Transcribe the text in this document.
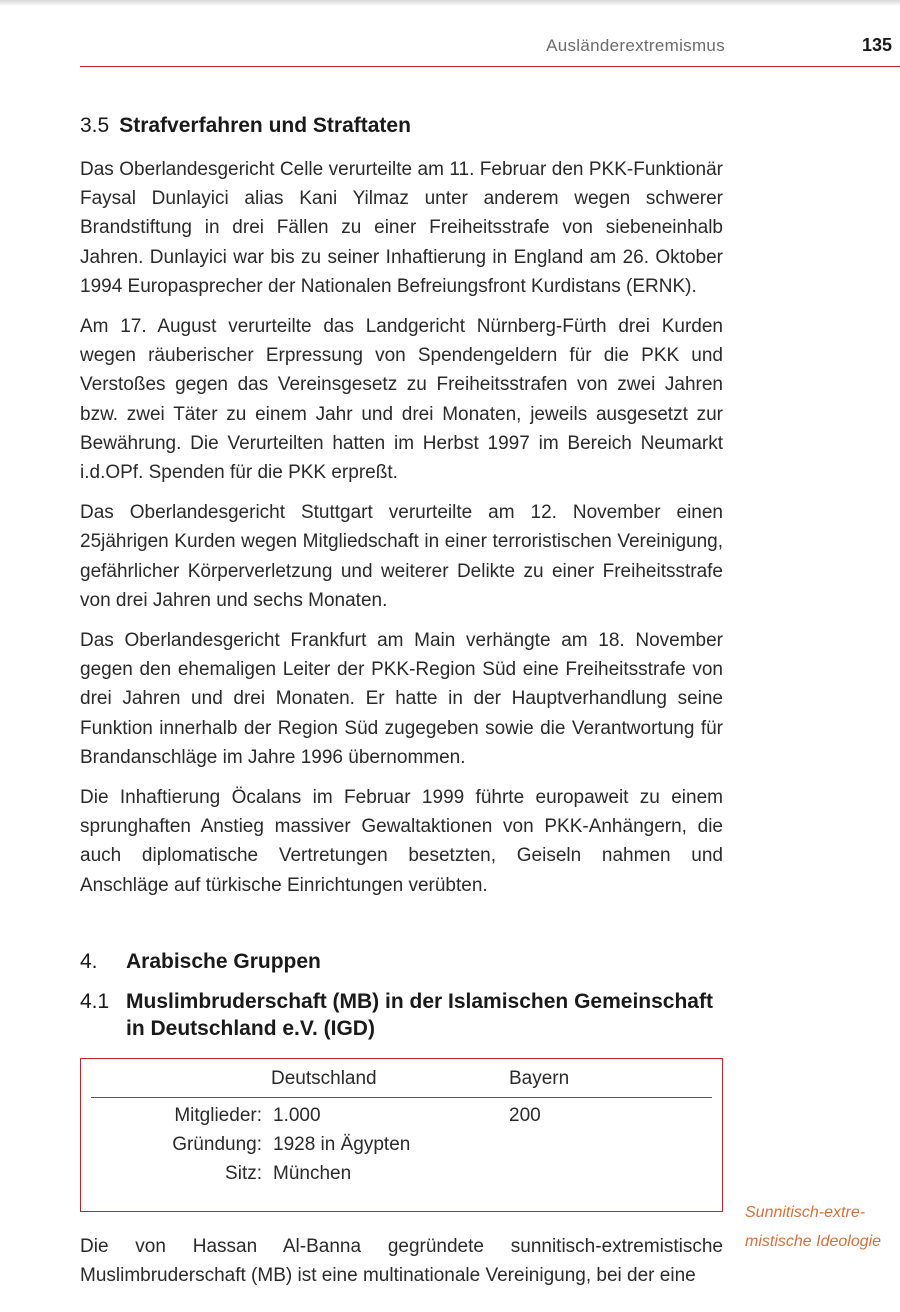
Ausländerextremismus	135
3.5 Strafverfahren und Straftaten

Das Oberlandesgericht Celle verurteilte am 11. Februar den PKK-Funktionär Faysal Dunlayici alias Kani Yilmaz unter anderem wegen schwerer Brandstiftung in drei Fällen zu einer Freiheitsstrafe von siebeneinhalb Jahren. Dunlayici war bis zu seiner Inhaftierung in England am 26. Oktober 1994 Europasprecher der Nationalen Befreiungsfront Kurdistans (ERNK).

Am 17. August verurteilte das Landgericht Nürnberg-Fürth drei Kurden wegen räuberischer Erpressung von Spendengeldern für die PKK und Verstoßes gegen das Vereinsgesetz zu Freiheitsstrafen von zwei Jahren bzw. zwei Täter zu einem Jahr und drei Monaten, jeweils ausgesetzt zur Bewährung. Die Verurteilten hatten im Herbst 1997 im Bereich Neumarkt i.d.OPf. Spenden für die PKK erpreßt.

Das Oberlandesgericht Stuttgart verurteilte am 12. November einen 25jährigen Kurden wegen Mitgliedschaft in einer terroristischen Vereinigung, gefährlicher Körperverletzung und weiterer Delikte zu einer Freiheitsstrafe von drei Jahren und sechs Monaten.

Das Oberlandesgericht Frankfurt am Main verhängte am 18. November gegen den ehemaligen Leiter der PKK-Region Süd eine Freiheitsstrafe von drei Jahren und drei Monaten. Er hatte in der Hauptverhandlung seine Funktion innerhalb der Region Süd zugegeben sowie die Verantwortung für Brandanschläge im Jahre 1996 übernommen.

Die Inhaftierung Öcalans im Februar 1999 führte europaweit zu einem sprunghaften Anstieg massiver Gewaltaktionen von PKK-Anhängern, die auch diplomatische Vertretungen besetzten, Geiseln nahmen und Anschläge auf türkische Einrichtungen verübten.

4.	Arabische Gruppen
4.1 Muslimbruderschaft (MB) in der Islamischen Gemeinschaft in Deutschland e.V. (IGD)
Deutschland	Bayern
Mitglieder: 1.000	200
Gründung: 1928 in Ägypten
Sitz: München

Die von Hassan Al-Banna gegründete sunnitisch-extremistische Muslimbruderschaft (MB) ist eine multinationale Vereinigung, bei der eine

Sunnitisch-extre-
mistische Ideologie
